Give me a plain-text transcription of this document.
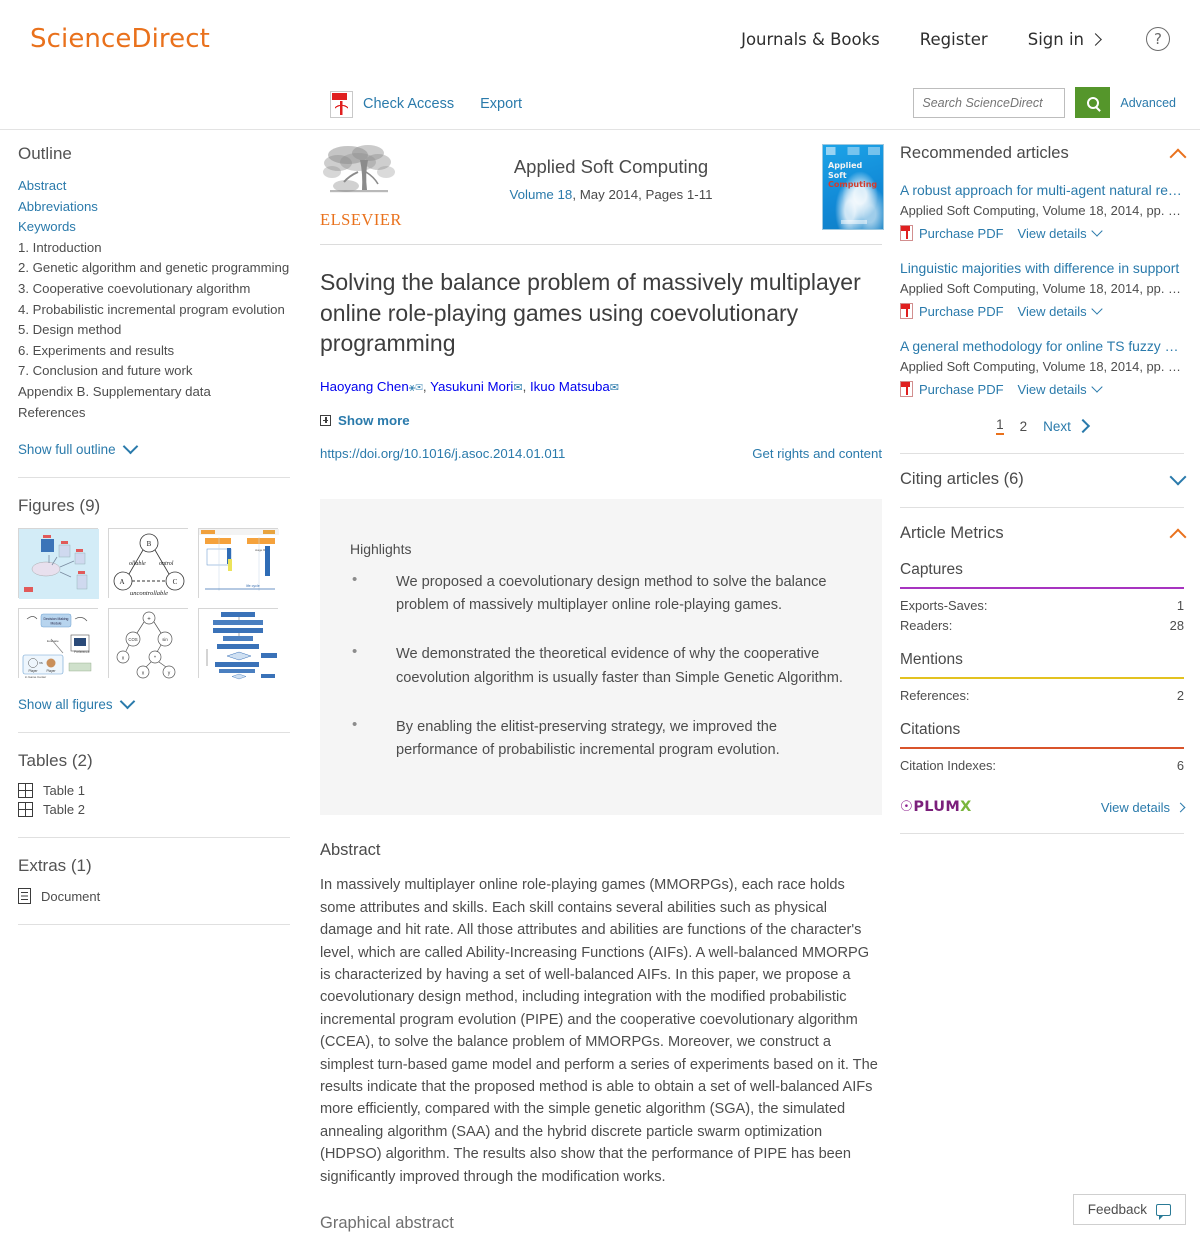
ScienceDirect	Journals & Books Register Sign in	?
Check Access Export
Search ScienceDirect	Advanced
Outline
Abstract
Abbreviations
Keywords
1. Introduction
2. Genetic algorithm and genetic programming
3. Cooperative coevolutionary algorithm
4. Probabilistic incremental program evolution
5. Design method
6. Experiments and results
7. Conclusion and future work
Appendix B. Supplementary data
References
Show full outline
Figures (9)
B
A	C
ollable ontrol
uncontrollable
life cycle
stage R
Decision Making
Module
Player	Player
vs
Preference
Evaluate
in Game Center
+
COS	sin
x	*
x	y
Show all figures
Tables (2)
Table 1
Table 2
Extras (1)
Document
ELSEVIER
Applied Soft Computing
Volume 18, May 2014, Pages 1-11
Applied
Soft
Computing
Solving the balance problem of massively multiplayer online role-playing games using coevolutionary programming
Haoyang Chen⚹✉, Yasukuni Mori✉, Ikuo Matsuba✉
Show more
https://doi.org/10.1016/j.asoc.2014.01.011	Get rights and content
Highlights
•	We proposed a coevolutionary design method to solve the balance problem of massively multiplayer online role-playing games.
•	We demonstrated the theoretical evidence of why the cooperative coevolution algorithm is usually faster than Simple Genetic Algorithm.
•	By enabling the elitist-preserving strategy, we improved the performance of probabilistic incremental program evolution.
Abstract
In massively multiplayer online role-playing games (MMORPGs), each race holds some attributes and skills. Each skill contains several abilities such as physical damage and hit rate. All those attributes and abilities are functions of the character's level, which are called Ability-Increasing Functions (AIFs). A well-balanced MMORPG is characterized by having a set of well-balanced AIFs. In this paper, we propose a coevolutionary design method, including integration with the modified probabilistic incremental program evolution (PIPE) and the cooperative coevolutionary algorithm (CCEA), to solve the balance problem of MMORPGs. Moreover, we construct a simplest turn-based game model and perform a series of experiments based on it. The results indicate that the proposed method is able to obtain a set of well-balanced AIFs more efficiently, compared with the simple genetic algorithm (SGA), the simulated annealing algorithm (SAA) and the hybrid discrete particle swarm optimization (HDPSO) algorithm. The results also show that the performance of PIPE has been significantly improved through the modification works.
Graphical abstract
Recommended articles
A robust approach for multi-agent natural re…
Applied Soft Computing, Volume 18, 2014, pp. …
Purchase PDF View details
Linguistic majorities with difference in support
Applied Soft Computing, Volume 18, 2014, pp. …
Purchase PDF View details
A general methodology for online TS fuzzy …
Applied Soft Computing, Volume 18, 2014, pp. …
Purchase PDF View details
1 2 Next
Citing articles (6)
Article Metrics
Captures
Exports-Saves:	1
Readers:	28
Mentions
References:	2
Citations
Citation Indexes:	6
☉PLUMX	View details
Feedback
